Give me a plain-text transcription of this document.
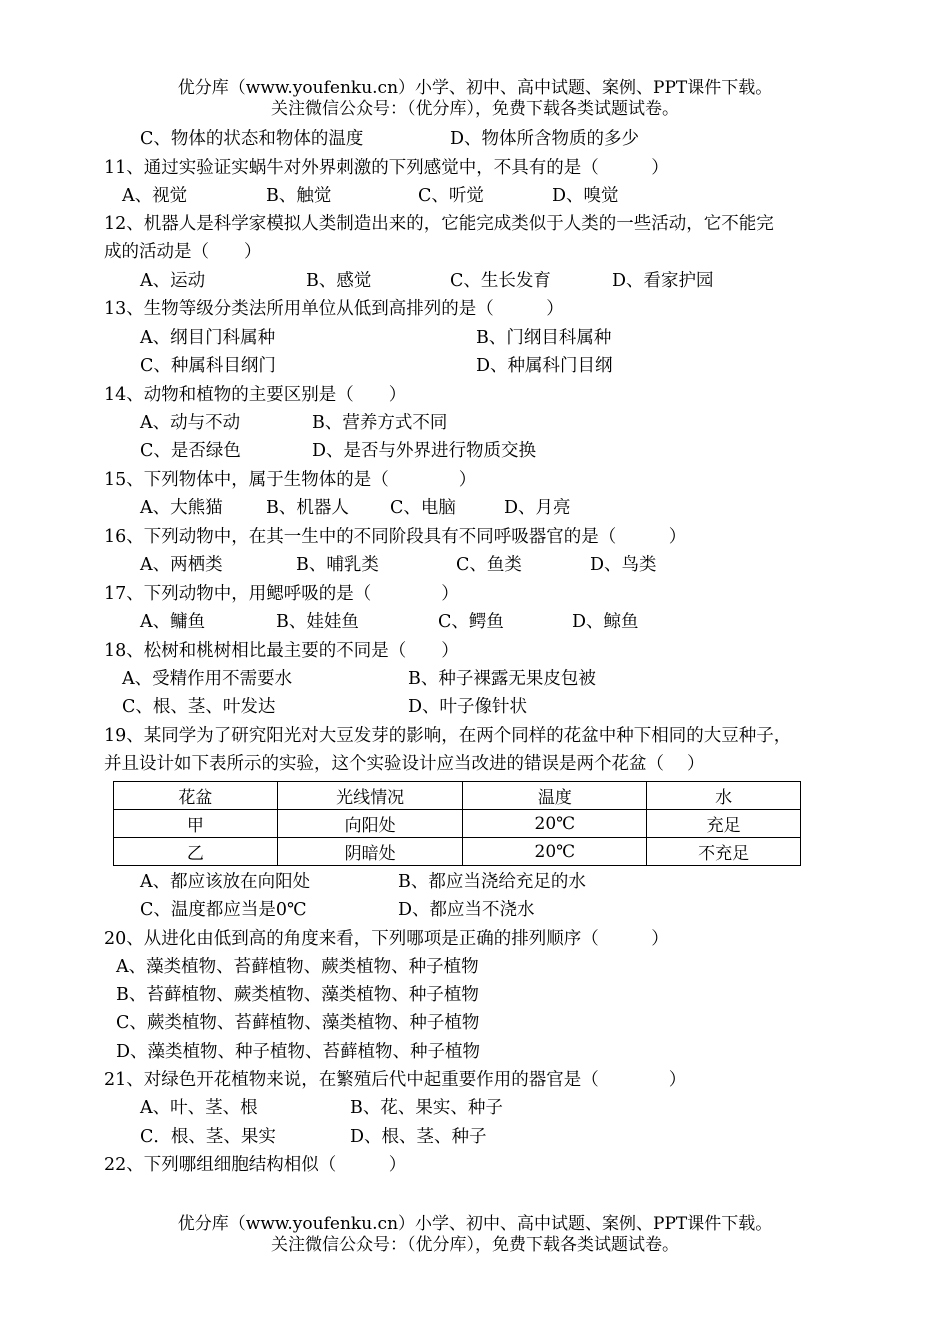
优分库（www.youfenku.cn）小学、初中、高中试题、案例、PPT课件下载。
关注微信公众号：（优分库），免费下载各类试题试卷。
C、物体的状态和物体的温度	D、物体所含物质的多少
11、通过实验证实蜗牛对外界刺激的下列感觉中，不具有的是（　　　）
A、视觉	B、触觉	C、听觉	D、嗅觉
12、机器人是科学家模拟人类制造出来的，它能完成类似于人类的一些活动，它不能完
成的活动是（　　）
A、运动	B、感觉	C、生长发育	D、看家护园
13、生物等级分类法所用单位从低到高排列的是（　　　）
A、纲目门科属种	B、门纲目科属种
C、种属科目纲门	D、种属科门目纲
14、动物和植物的主要区别是（　　）
A、动与不动	B、营养方式不同
C、是否绿色	D、是否与外界进行物质交换
15、下列物体中，属于生物体的是（　　　　）
A、大熊猫 B、机器人 C、电脑	D、月亮
16、下列动物中，在其一生中的不同阶段具有不同呼吸器官的是（　　　）
A、两栖类	B、哺乳类	C、鱼类	D、鸟类
17、下列动物中，用鳃呼吸的是（　　　　）
A、鳙鱼	B、娃娃鱼	C、鳄鱼	D、鲸鱼
18、松树和桃树相比最主要的不同是（　　）
A、受精作用不需要水	B、种子裸露无果皮包被
C、根、茎、叶发达	D、叶子像针状
19、某同学为了研究阳光对大豆发芽的影响，在两个同样的花盆中种下相同的大豆种子，
并且设计如下表所示的实验，这个实验设计应当改进的错误是两个花盆（　 ）
花盆	光线情况	温度	水
甲	向阳处	20℃	充足
乙	阴暗处	20℃	不充足
A、都应该放在向阳处	B、都应当浇给充足的水
C、温度都应当是0℃	D、都应当不浇水
20、从进化由低到高的角度来看，下列哪项是正确的排列顺序（　　　）
A、藻类植物、苔藓植物、蕨类植物、种子植物
B、苔藓植物、蕨类植物、藻类植物、种子植物
C、蕨类植物、苔藓植物、藻类植物、种子植物
D、藻类植物、种子植物、苔藓植物、种子植物
21、对绿色开花植物来说，在繁殖后代中起重要作用的器官是（　　　　）
A、叶、茎、根	B、花、果实、种子
C．根、茎、果实	D、根、茎、种子
22、下列哪组细胞结构相似（　　　）
优分库（www.youfenku.cn）小学、初中、高中试题、案例、PPT课件下载。
关注微信公众号：（优分库），免费下载各类试题试卷。
